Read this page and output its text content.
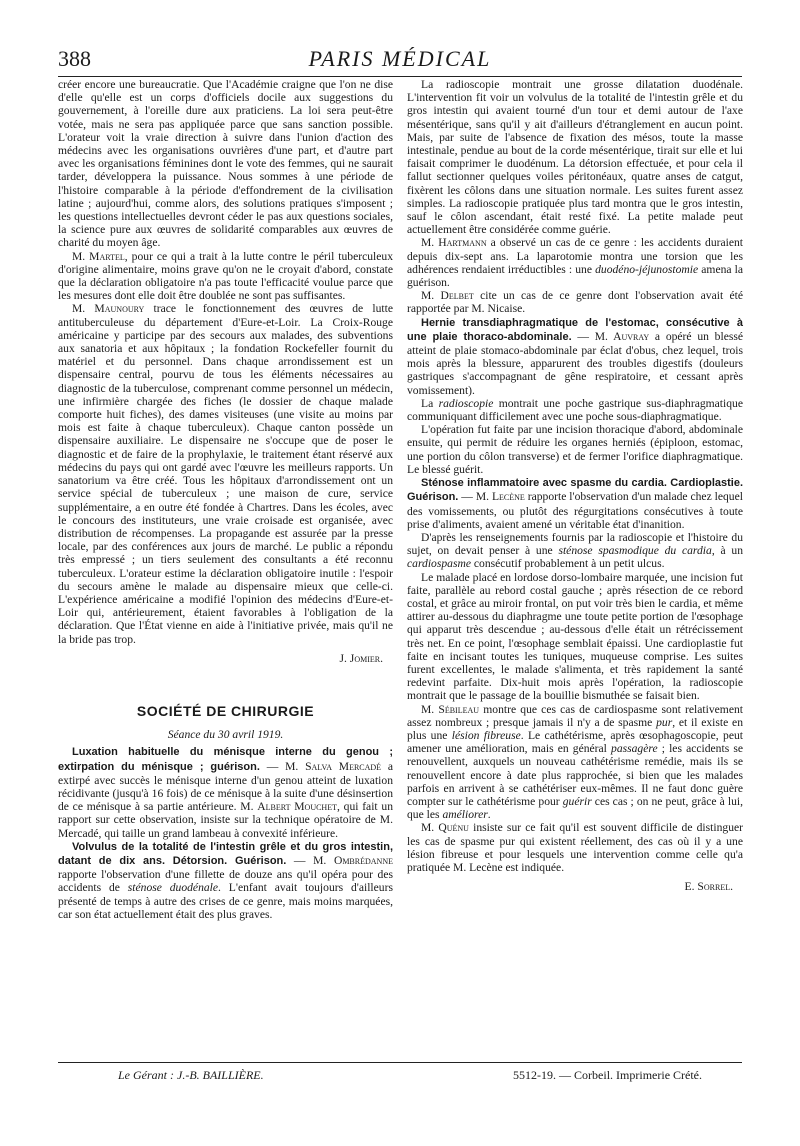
388	PARIS MÉDICAL

créer encore une bureaucratie. Que l'Académie craigne que l'on ne dise d'elle qu'elle est un corps d'officiels docile aux suggestions du gouvernement, à l'oreille dure aux praticiens. La loi sera peut-être votée, mais ne sera pas appliquée parce que sans sanction possible. L'orateur voit la vraie direction à suivre dans l'union d'action des médecins avec les organisations ouvrières d'une part, et d'autre part avec les organisations féminines dont le vote des femmes, qui ne saurait tarder, développera la puissance. Nous sommes à une période de l'histoire comparable à la période d'effondrement de la civilisation latine ; aujourd'hui, comme alors, des solutions pratiques s'imposent ; les questions intellectuelles devront céder le pas aux questions sociales, la science pure aux œuvres de solidarité comparables aux œuvres de charité du moyen âge.

M. Martel, pour ce qui a trait à la lutte contre le péril tuberculeux d'origine alimentaire, moins grave qu'on ne le croyait d'abord, constate que la déclaration obligatoire n'a pas toute l'efficacité voulue parce que les mesures dont elle doit être doublée ne sont pas suffisantes.

M. Maunoury trace le fonctionnement des œuvres de lutte antituberculeuse du département d'Eure-et-Loir. La Croix-Rouge américaine y participe par des secours aux malades, des subventions aux sanatoria et aux hôpitaux ; la fondation Rockefeller fournit du matériel et du personnel. Dans chaque arrondissement est un dispensaire central, pourvu de tous les éléments nécessaires au diagnostic de la tuberculose, comprenant comme personnel un médecin, une infirmière chargée des fiches (le dossier de chaque malade comporte huit fiches), des dames visiteuses (une visite au moins par mois est faite à chaque tuberculeux). Chaque canton possède un dispensaire auxiliaire. Le dispensaire ne s'occupe que de poser le diagnostic et de faire de la prophylaxie, le traitement étant réservé aux médecins du pays qui ont gardé avec l'œuvre les meilleurs rapports. Un sanatorium va être créé. Tous les hôpitaux d'arrondissement ont un service spécial de tuberculeux ; une maison de cure, service supplémentaire, a en outre été fondée à Chartres. Dans les écoles, avec le concours des instituteurs, une vraie croisade est organisée, avec distribution de récompenses. La propagande est assurée par la presse locale, par des conférences aux jours de marché. Le public a répondu très empressé ; un tiers seulement des consultants a été reconnu tuberculeux. L'orateur estime la déclaration obligatoire inutile : l'espoir du secours amène le malade au dispensaire mieux que celle-ci. L'expérience américaine a modifié l'opinion des médecins d'Eure-et-Loir qui, antérieurement, étaient favorables à l'obligation de la déclaration. Que l'État vienne en aide à l'initiative privée, mais qu'il ne la bride pas trop.

J. Jomier.
SOCIÉTÉ DE CHIRURGIE
Séance du 30 avril 1919.

Luxation habituelle du ménisque interne du genou ; extirpation du ménisque ; guérison. — M. Salva Mercadé a extirpé avec succès le ménisque interne d'un genou atteint de luxation récidivante (jusqu'à 16 fois) de ce ménisque à la suite d'une désinsertion de ce ménisque à sa partie antérieure. M. Albert Mouchet, qui fait un rapport sur cette observation, insiste sur la technique opératoire de M. Mercadé, qui taille un grand lambeau à convexité inférieure.

Volvulus de la totalité de l'intestin grêle et du gros intestin, datant de dix ans. Détorsion. Guérison. — M. Ombrédanne rapporte l'observation d'une fillette de douze ans qu'il opéra pour des accidents de sténose duodénale. L'enfant avait toujours d'ailleurs présenté de temps à autre des crises de ce genre, mais moins marquées, car son état actuellement était des plus graves.

La radioscopie montrait une grosse dilatation duodénale. L'intervention fit voir un volvulus de la totalité de l'intestin grêle et du gros intestin qui avaient tourné d'un tour et demi autour de l'axe mésentérique, sans qu'il y ait d'ailleurs d'étranglement en aucun point. Mais, par suite de l'absence de fixation des mésos, toute la masse intestinale, pendue au bout de la corde mésentérique, tirait sur elle et lui faisait comprimer le duodénum. La détorsion effectuée, et pour cela il fallut sectionner quelques voiles péritonéaux, quatre anses de catgut, fixèrent les côlons dans une situation normale. Les suites furent assez simples. La radioscopie pratiquée plus tard montra que le gros intestin, sauf le côlon ascendant, était resté fixé. La petite malade peut actuellement être considérée comme guérie.

M. Hartmann a observé un cas de ce genre : les accidents duraient depuis dix-sept ans. La laparotomie montra une torsion que les adhérences rendaient irréductibles : une duodéno-jéjunostomie amena la guérison.

M. Delbet cite un cas de ce genre dont l'observation avait été rapportée par M. Nicaise.

Hernie transdiaphragmatique de l'estomac, consécutive à une plaie thoraco-abdominale. — M. Auvray a opéré un blessé atteint de plaie stomaco-abdominale par éclat d'obus, chez lequel, trois mois après la blessure, apparurent des troubles digestifs (douleurs gastriques s'accompagnant de gêne respiratoire, et cessant après vomissement).

La radioscopie montrait une poche gastrique sus-diaphragmatique communiquant difficilement avec une poche sous-diaphragmatique.

L'opération fut faite par une incision thoracique d'abord, abdominale ensuite, qui permit de réduire les organes herniés (épiploon, estomac, une portion du côlon transverse) et de fermer l'orifice diaphragmatique. Le blessé guérit.

Sténose inflammatoire avec spasme du cardia. Cardioplastie. Guérison. — M. Lecène rapporte l'observation d'un malade chez lequel des vomissements, ou plutôt des régurgitations consécutives à toute prise d'aliments, avaient amené un véritable état d'inanition.

D'après les renseignements fournis par la radioscopie et l'histoire du sujet, on devait penser à une sténose spasmodique du cardia, à un cardiospasme consécutif probablement à un petit ulcus.

Le malade placé en lordose dorso-lombaire marquée, une incision fut faite, parallèle au rebord costal gauche ; après résection de ce rebord costal, et grâce au miroir frontal, on put voir très bien le cardia, et même attirer au-dessous du diaphragme une toute petite portion de l'œsophage qui apparut très descendue ; au-dessous d'elle était un rétrécissement très net. En ce point, l'œsophage semblait épaissi. Une cardioplastie fut faite en incisant toutes les tuniques, muqueuse comprise. Les suites furent excellentes, le malade s'alimenta, et très rapidement la santé redevint parfaite. Dix-huit mois après l'opération, la radioscopie montrait que le passage de la bouillie bismuthée se faisait bien.

M. Sébileau montre que ces cas de cardiospasme sont relativement assez nombreux ; presque jamais il n'y a de spasme pur, et il existe en plus une lésion fibreuse. Le cathétérisme, après œsophagoscopie, peut amener une amélioration, mais en général passagère ; les accidents se renouvellent, auxquels un nouveau cathétérisme remédie, mais ils se renouvellent encore à date plus rapprochée, si bien que les malades parfois en arrivent à se cathétériser eux-mêmes. Il ne faut donc guère compter sur le cathétérisme pour guérir ces cas ; on ne peut, grâce à lui, que les améliorer.

M. Quénu insiste sur ce fait qu'il est souvent difficile de distinguer les cas de spasme pur qui existent réellement, des cas où il y a une lésion fibreuse et pour lesquels une intervention comme celle qu'a pratiquée M. Lecène est indiquée.

E. Sorrel.
Le Gérant : J.-B. BAILLIÈRE.	5512-19. — Corbeil. Imprimerie Crété.
